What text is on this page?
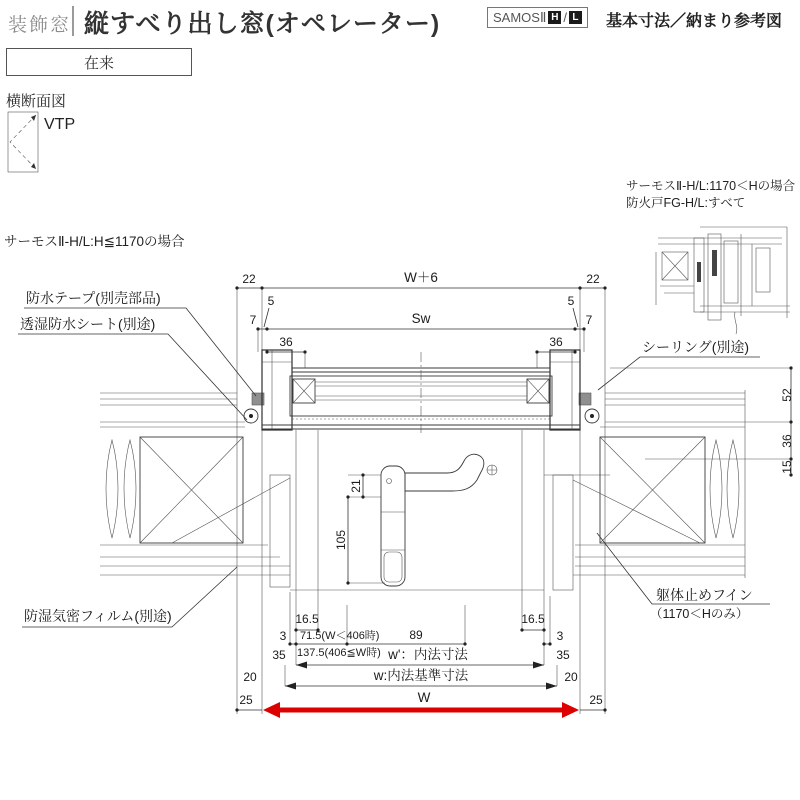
装飾窓 縦すべり出し窓(オペレーター)	SAMOSⅡ H / L 基本寸法／納まり参考図
在来
横断面図
VTP
サーモスⅡ-H/L:1170＜Hの場合
防火戸FG-H/L:すべて
サーモスⅡ-H/L:H≦1170の場合
防水テープ(別売部品)
透湿防水シート(別途)
シーリング(別途)
躯体止めフイン
（1170＜Hのみ）
防湿気密フィルム(別途)
22	W＋6	22
5	5
7	7
Sw
36	36
52
36
15
21
105
16.5	16.5
3 71.5(W＜406時)
137.5(406≦W時)
89	3
35	35
w'：内法寸法
20	20
w:内法基準寸法
25	25
W
